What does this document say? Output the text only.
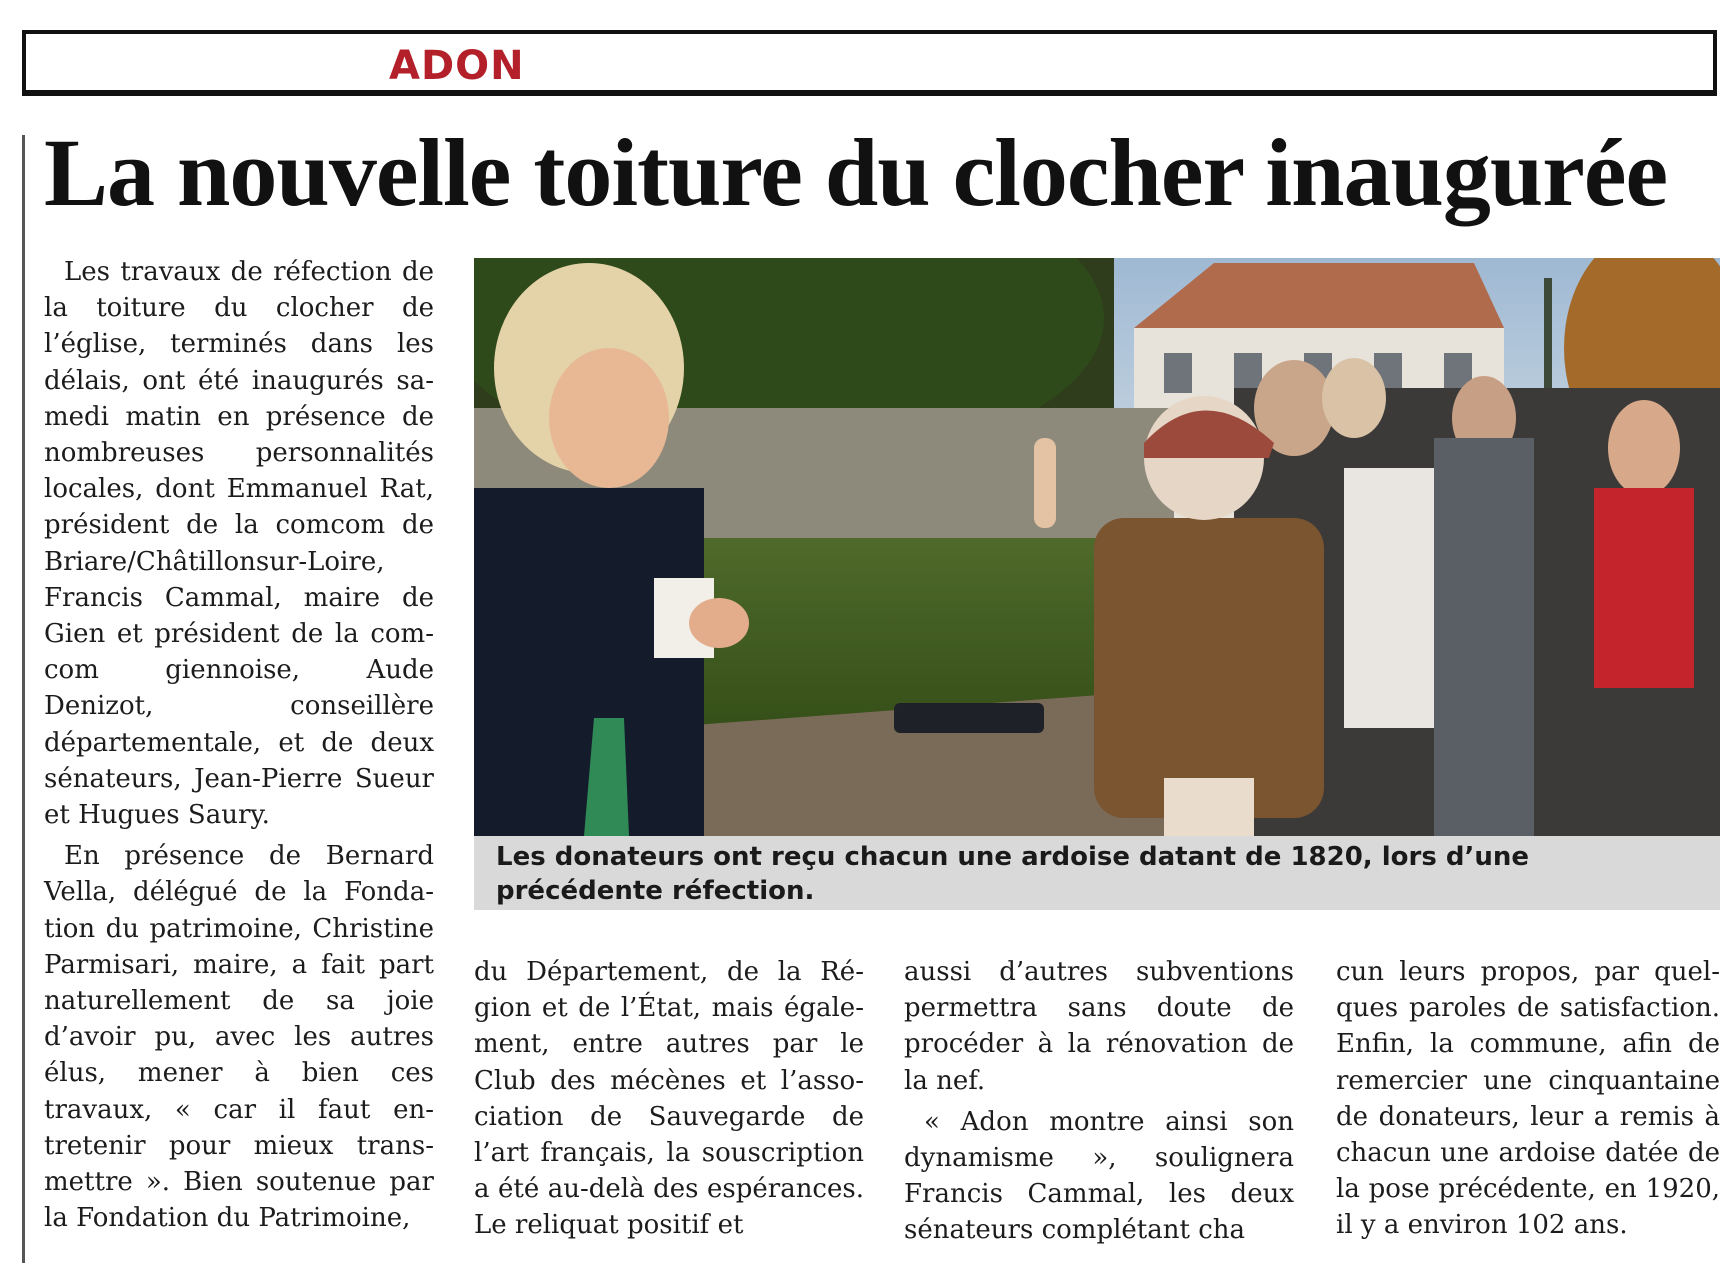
ADON
La nouvelle toiture du clocher inaugurée

Les travaux de réfection de la toiture du clocher de l’église, terminés dans les délais, ont été inaugurés samedi matin en présence de nombreuses personnalités locales, dont Emmanuel Rat, président de la comcom de Briare/Châtillonsur-Loire, Francis Cammal, maire de Gien et président de la com-com giennoise, Aude Denizot, conseillère départementale, et de deux sénateurs, Jean-Pierre Sueur et Hugues Saury.

En présence de Bernard Vella, délégué de la Fondation du patrimoine, Christine Parmisari, maire, a fait part naturellement de sa joie d’avoir pu, avec les autres élus, mener à bien ces travaux, « car il faut entretenir pour mieux transmettre ». Bien soutenue par la Fondation du Patrimoine,

Les donateurs ont reçu chacun une ardoise datant de 1820, lors d’une précédente réfection.

du Département, de la Région et de l’État, mais également, entre autres par le Club des mécènes et l’association de Sauvegarde de l’art français, la souscription a été au-delà des espérances. Le reliquat positif et

aussi d’autres subventions permettra sans doute de procéder à la rénovation de la nef.

« Adon montre ainsi son dynamisme », soulignera Francis Cammal, les deux sénateurs complétant cha

cun leurs propos, par quelques paroles de satisfaction. Enfin, la commune, afin de remercier une cinquantaine de donateurs, leur a remis à chacun une ardoise datée de la pose précédente, en 1920, il y a environ 102 ans.
